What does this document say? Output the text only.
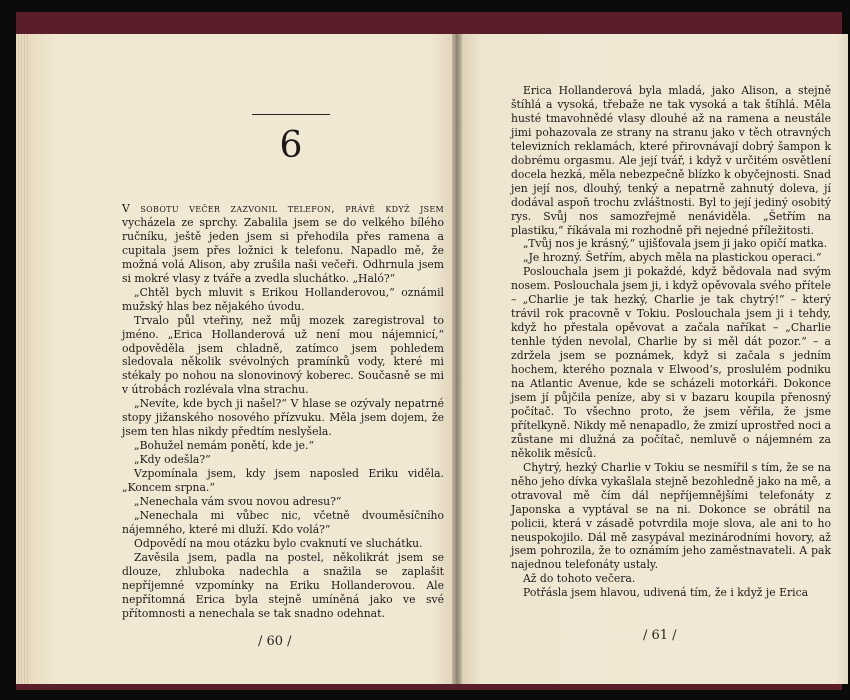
6

V sobotu večer zazvonil telefon, právě když jsem vycházela ze sprchy. Zabalila jsem se do velkého bílého ručníku, ještě jeden jsem si přehodila přes ramena a cupitala jsem přes ložnici k telefonu. Napadlo mě, že možná volá Alison, aby zrušila naši večeři. Odhrnula jsem si mokré vlasy z tváře a zvedla sluchátko. „Haló?“

„Chtěl bych mluvit s Erikou Hollanderovou,“ oznámil mužský hlas bez nějakého úvodu.

Trvalo půl vteřiny, než můj mozek zaregistroval to jméno. „Erica Hollanderová už není mou nájemnicí,“ odpověděla jsem chladně, zatímco jsem pohledem sledovala několik svévolných pramínků vody, které mi stékaly po nohou na slonovinový koberec. Současně se mi v útrobách rozlévala vlna strachu.

„Nevíte, kde bych ji našel?“ V hlase se ozývaly nepatrné stopy jižanského nosového přízvuku. Měla jsem dojem, že jsem ten hlas nikdy předtím neslyšela.

„Bohužel nemám ponětí, kde je.“

„Kdy odešla?“

Vzpomínala jsem, kdy jsem naposled Eriku viděla. „Koncem srpna.“

„Nenechala vám svou novou adresu?“

„Nenechala mi vůbec nic, včetně dvouměsíčního nájemného, které mi dluží. Kdo volá?“

Odpovědí na mou otázku bylo cvaknutí ve sluchátku.

Zavěsila jsem, padla na postel, několikrát jsem se dlouze, zhluboka nadechla a snažila se zaplašit nepříjemné vzpomínky na Eriku Hollanderovou. Ale nepřítomná Erica byla stejně umíněná jako ve své přítomnosti a nenechala se tak snadno odehnat.

/ 60 /

Erica Hollanderová byla mladá, jako Alison, a stejně štíhlá a vysoká, třebaže ne tak vysoká a tak štíhlá. Měla husté tmavohnědé vlasy dlouhé až na ramena a neustále jimi pohazovala ze strany na stranu jako v těch otravných televizních reklamách, které přirovnávají dobrý šampon k dobrému orgasmu. Ale její tvář, i když v určitém osvětlení docela hezká, měla nebezpečně blízko k obyčejnosti. Snad jen její nos, dlouhý, tenký a nepatrně zahnutý doleva, jí dodával aspoň trochu zvláštnosti. Byl to její jediný osobitý rys. Svůj nos samozřejmě nenáviděla. „Šetřím na plastiku,“ říkávala mi rozhodně při nejedné příležitosti.

„Tvůj nos je krásný,“ ujišťovala jsem ji jako opičí matka.

„Je hrozný. Šetřím, abych měla na plastickou operaci.“

Poslouchala jsem ji pokaždé, když bědovala nad svým nosem. Poslouchala jsem ji, i když opěvovala svého přítele – „Charlie je tak hezký, Charlie je tak chytrý!“ – který trávil rok pracovně v Tokiu. Poslouchala jsem ji i tehdy, když ho přestala opěvovat a začala naříkat – „Charlie tenhle týden nevolal, Charlie by si měl dát pozor.“ – a zdržela jsem se poznámek, když si začala s jedním hochem, kterého poznala v Elwood’s, proslulém podniku na Atlantic Avenue, kde se scházeli motorkáři. Dokonce jsem jí půjčila peníze, aby si v bazaru koupila přenosný počítač. To všechno proto, že jsem věřila, že jsme přítelkyně. Nikdy mě nenapadlo, že zmizí uprostřed noci a zůstane mi dlužná za počítač, nemluvě o nájemném za několik měsíců.

Chytrý, hezký Charlie v Tokiu se nesmířil s tím, že se na něho jeho dívka vykašlala stejně bezohledně jako na mě, a otravoval mě čím dál nepříjemnějšími telefonáty z Japonska a vyptával se na ni. Dokonce se obrátil na policii, která v zásadě potvrdila moje slova, ale ani to ho neuspokojilo. Dál mě zasypával mezinárodními hovory, až jsem pohrozila, že to oznámím jeho zaměstnavateli. A pak najednou telefonáty ustaly.

Až do tohoto večera.

Potřásla jsem hlavou, udivená tím, že i když je Erica

/ 61 /
